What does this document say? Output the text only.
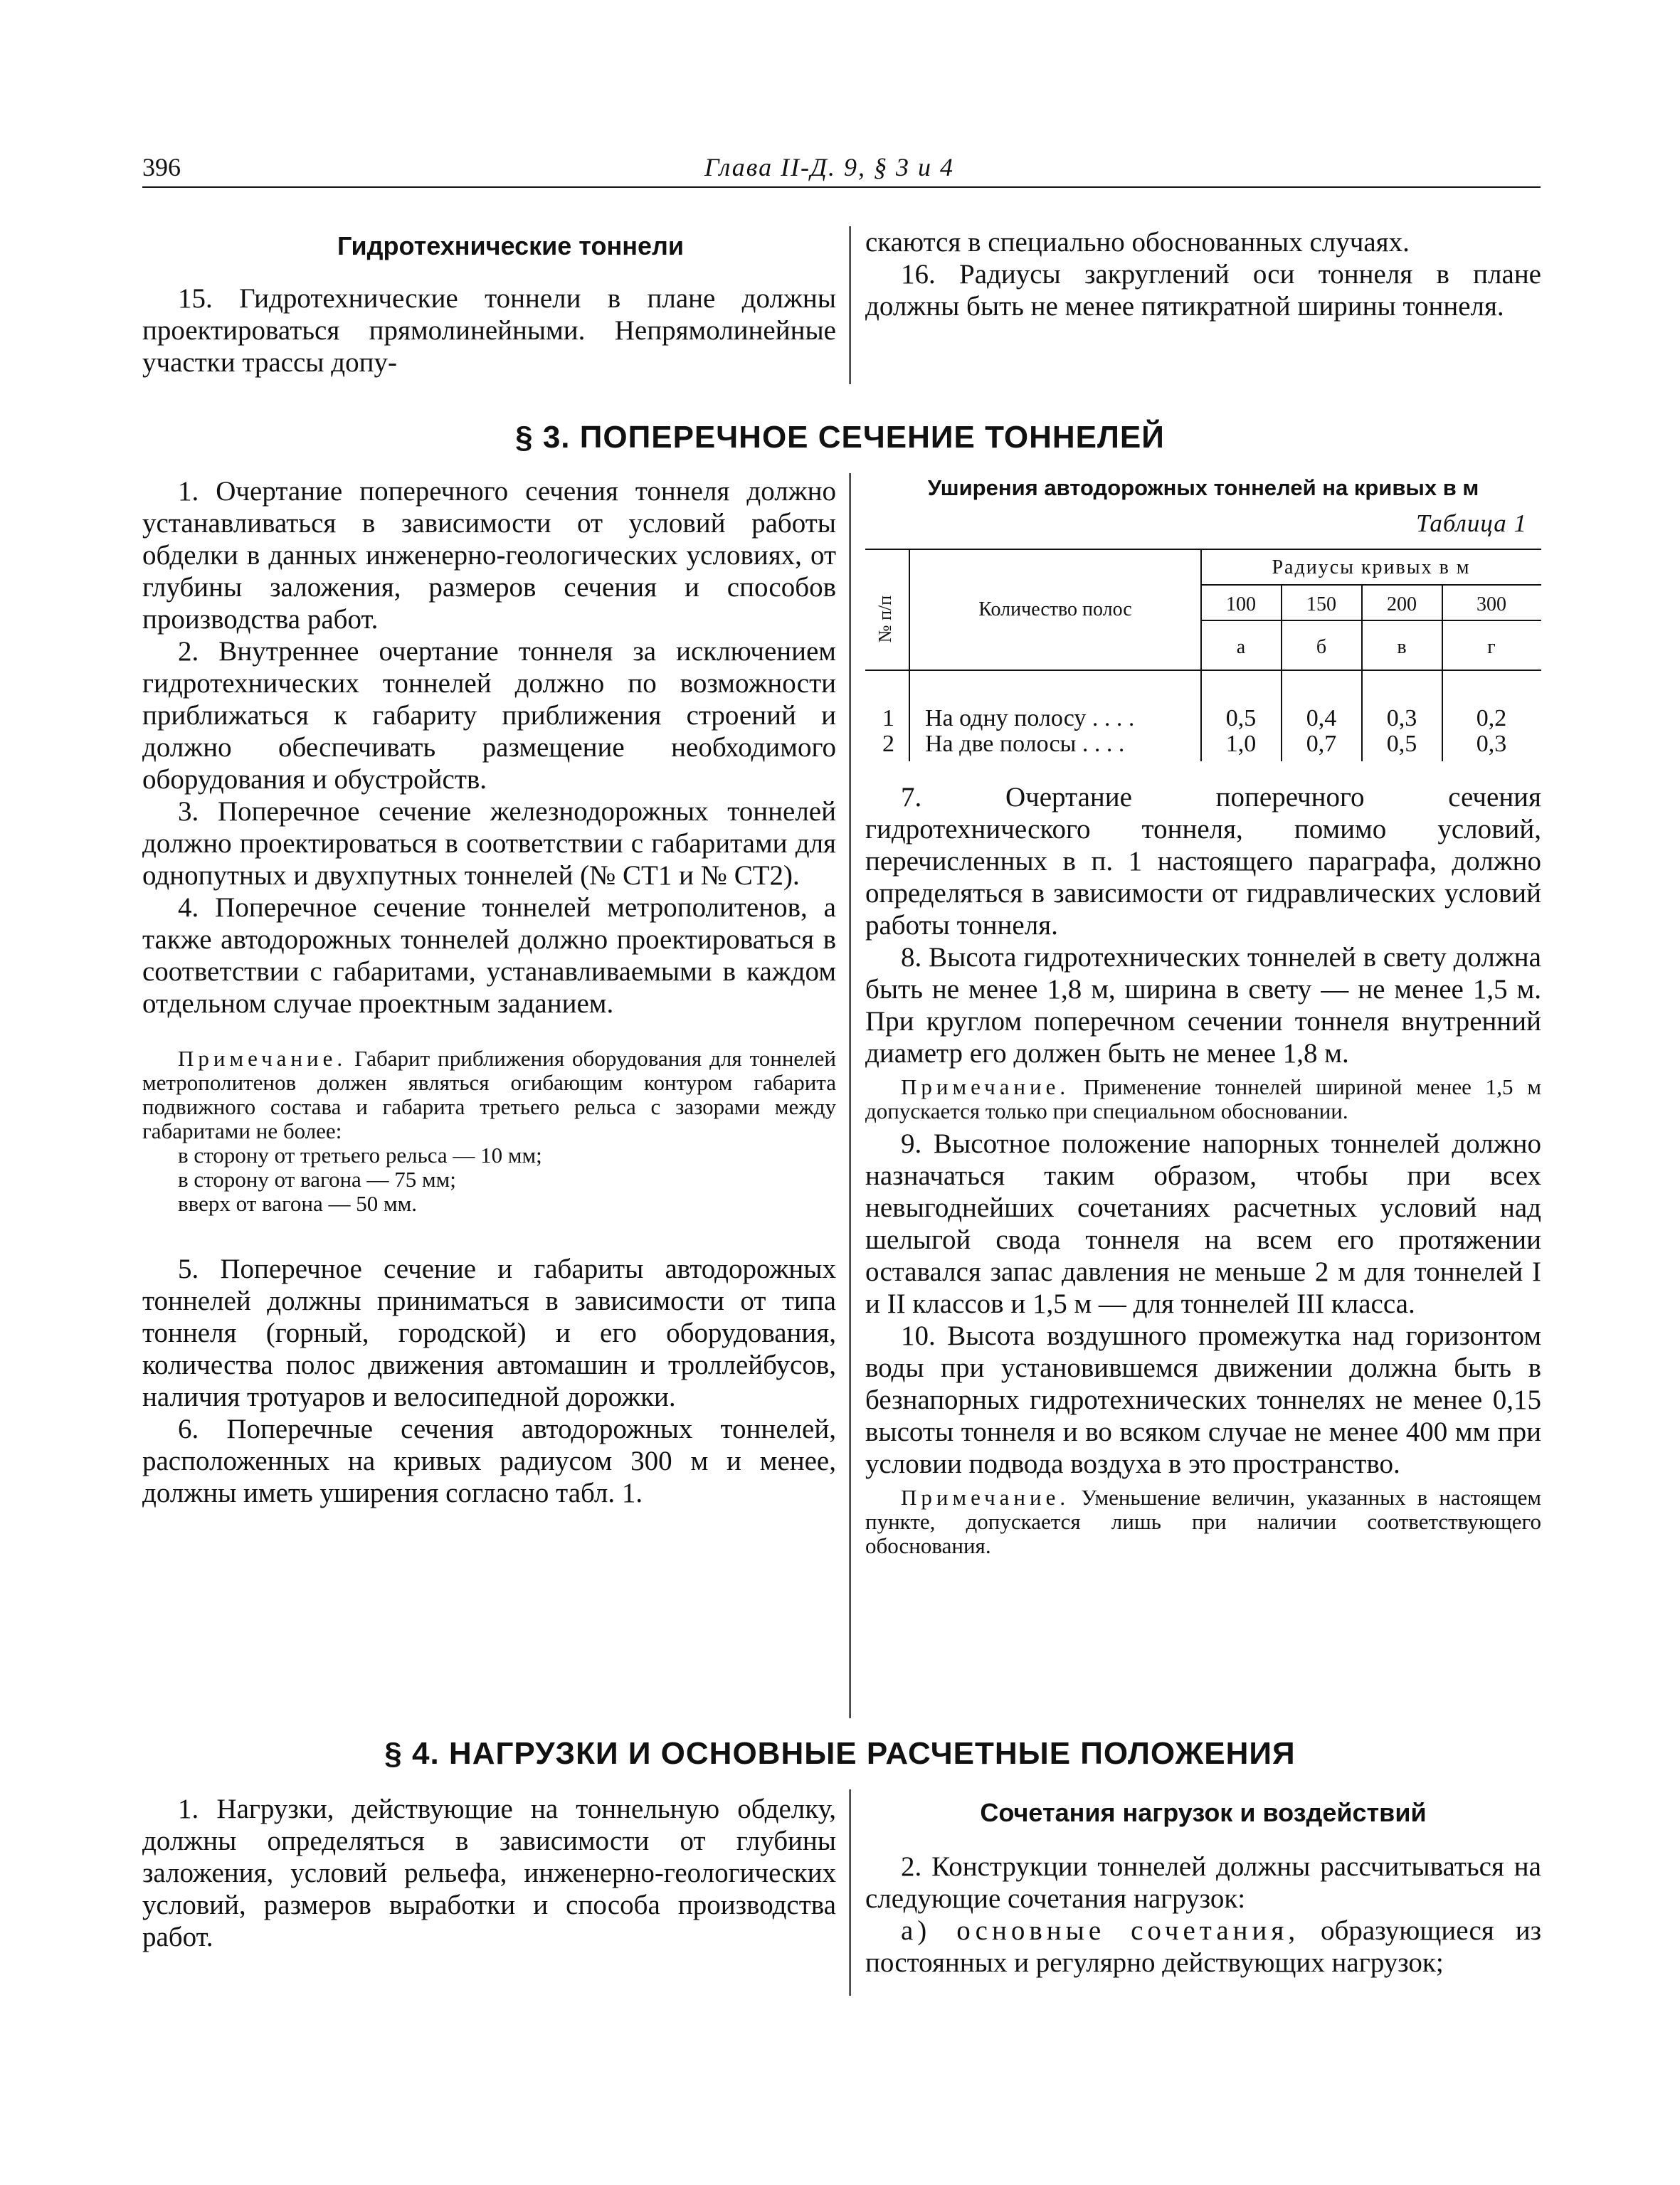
396	Глава II-Д. 9, § 3 и 4

Гидротехнические тоннели

15. Гидротехнические тоннели в плане должны проектироваться прямолинейными. Непрямолинейные участки трассы допу-

скаются в специально обоснованных случаях.

16. Радиусы закруглений оси тоннеля в плане должны быть не менее пятикратной ширины тоннеля.

§ 3. ПОПЕРЕЧНОЕ СЕЧЕНИЕ ТОННЕЛЕЙ

1. Очертание поперечного сечения тоннеля должно устанавливаться в зависимости от условий работы обделки в данных инженерно-геологических условиях, от глубины заложения, размеров сечения и способов производства работ.

2. Внутреннее очертание тоннеля за исключением гидротехнических тоннелей должно по возможности приближаться к габариту приближения строений и должно обеспечивать размещение необходимого оборудования и обустройств.

3. Поперечное сечение железнодорожных тоннелей должно проектироваться в соответствии с габаритами для однопутных и двухпутных тоннелей (№ СТ1 и № СТ2).

4. Поперечное сечение тоннелей метрополитенов, а также автодорожных тоннелей должно проектироваться в соответствии с габаритами, устанавливаемыми в каждом отдельном случае проектным заданием.

Примечание. Габарит приближения оборудования для тоннелей метрополитенов должен являться огибающим контуром габарита подвижного состава и габарита третьего рельса с зазорами между габаритами не более:

в сторону от третьего рельса — 10 мм;
в сторону от вагона — 75 мм;
вверх от вагона — 50 мм.

5. Поперечное сечение и габариты автодорожных тоннелей должны приниматься в зависимости от типа тоннеля (горный, городской) и его оборудования, количества полос движения автомашин и троллейбусов, наличия тротуаров и велосипедной дорожки.

6. Поперечные сечения автодорожных тоннелей, расположенных на кривых радиусом 300 м и менее, должны иметь уширения согласно табл. 1.

Уширения автодорожных тоннелей на кривых в м
Таблица 1
№ п/п	Количество полос
Радиусы кривых в м
100	150	200	300
а	б	в	г
1 На одну полосу . . . .	0,5 0,4 0,3 0,2
2 На две полосы . . . .	1,0 0,7 0,5 0,3

7. Очертание поперечного сечения гидротехнического тоннеля, помимо условий, перечисленных в п. 1 настоящего параграфа, должно определяться в зависимости от гидравлических условий работы тоннеля.

8. Высота гидротехнических тоннелей в свету должна быть не менее 1,8 м, ширина в свету — не менее 1,5 м. При круглом поперечном сечении тоннеля внутренний диаметр его должен быть не менее 1,8 м.

Примечание. Применение тоннелей шириной менее 1,5 м допускается только при специальном обосновании.

9. Высотное положение напорных тоннелей должно назначаться таким образом, чтобы при всех невыгоднейших сочетаниях расчетных условий над шелыгой свода тоннеля на всем его протяжении оставался запас давления не меньше 2 м для тоннелей I и II классов и 1,5 м — для тоннелей III класса.

10. Высота воздушного промежутка над горизонтом воды при установившемся движении должна быть в безнапорных гидротехнических тоннелях не менее 0,15 высоты тоннеля и во всяком случае не менее 400 мм при условии подвода воздуха в это пространство.

Примечание. Уменьшение величин, указанных в настоящем пункте, допускается лишь при наличии соответствующего обоснования.

§ 4. НАГРУЗКИ И ОСНОВНЫЕ РАСЧЕТНЫЕ ПОЛОЖЕНИЯ

1. Нагрузки, действующие на тоннельную обделку, должны определяться в зависимости от глубины заложения, условий рельефа, инженерно-геологических условий, размеров выработки и способа производства работ.

Сочетания нагрузок и воздействий

2. Конструкции тоннелей должны рассчитываться на следующие сочетания нагрузок:

а) основные сочетания, образующиеся из постоянных и регулярно действующих нагрузок;
